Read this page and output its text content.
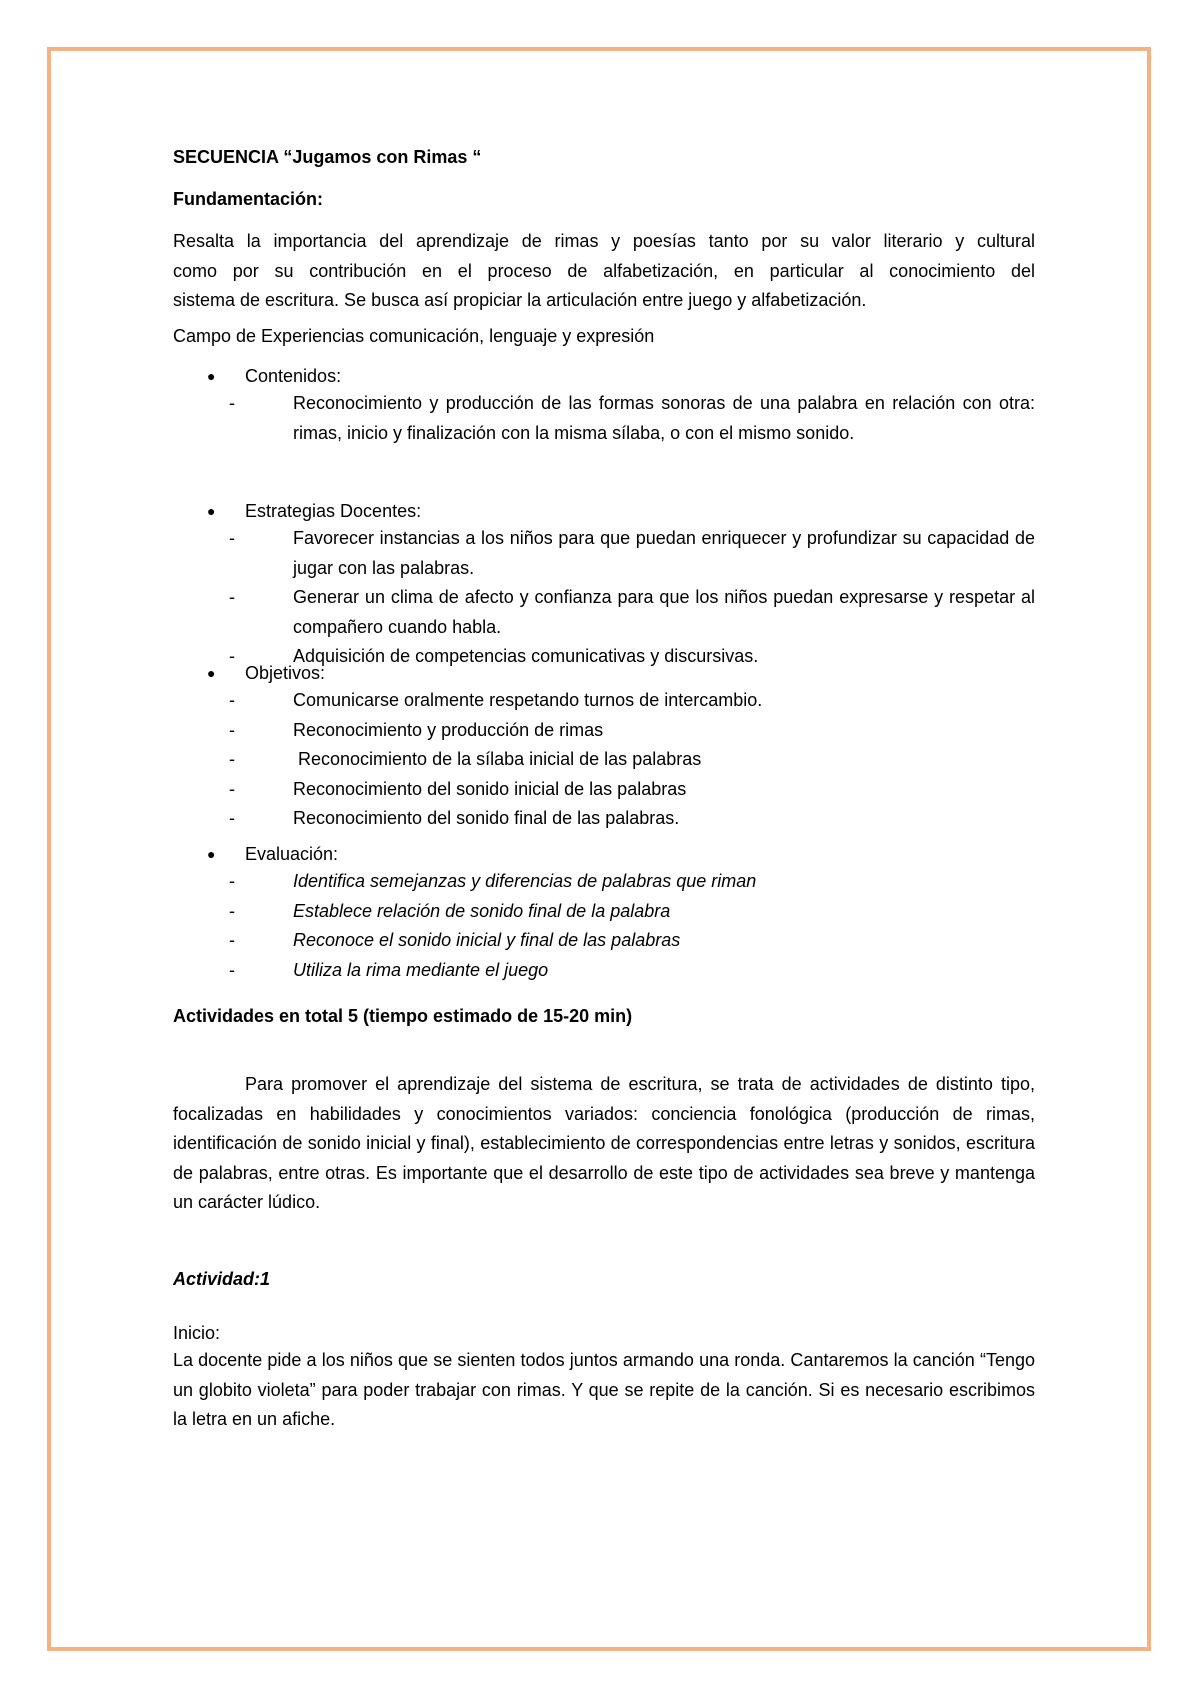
SECUENCIA “Jugamos con Rimas “

Fundamentación:

Resalta la importancia del aprendizaje de rimas y poesías tanto por su valor literario y cultural
como por su contribución en el proceso de alfabetización, en particular al conocimiento del
sistema de escritura. Se busca así propiciar la articulación entre juego y alfabetización.

Campo de Experiencias comunicación, lenguaje y expresión

● Contenidos:
-	Reconocimiento y producción de las formas sonoras de una palabra en relación con otra: rimas, inicio y finalización con la misma sílaba, o con el mismo sonido.
● Estrategias Docentes:
-	Favorecer instancias a los niños para que puedan enriquecer y profundizar su capacidad de jugar con las palabras.
-	Generar un clima de afecto y confianza para que los niños puedan expresarse y respetar al compañero cuando habla.
-	Adquisición de competencias comunicativas y discursivas.
● Objetivos:
-	Comunicarse oralmente respetando turnos de intercambio.
-	Reconocimiento y producción de rimas
-	Reconocimiento de la sílaba inicial de las palabras
-	Reconocimiento del sonido inicial de las palabras
-	Reconocimiento del sonido final de las palabras.
● Evaluación:
-	Identifica semejanzas y diferencias de palabras que riman
-	Establece relación de sonido final de la palabra
-	Reconoce el sonido inicial y final de las palabras
-	Utiliza la rima mediante el juego

Actividades en total 5 (tiempo estimado de 15-20 min)

Para promover el aprendizaje del sistema de escritura, se trata de actividades de distinto tipo, focalizadas en habilidades y conocimientos variados: conciencia fonológica (producción de rimas, identificación de sonido inicial y final), establecimiento de correspondencias entre letras y sonidos, escritura de palabras, entre otras. Es importante que el desarrollo de este tipo de actividades sea breve y mantenga un carácter lúdico.

Actividad:1

Inicio:

La docente pide a los niños que se sienten todos juntos armando una ronda. Cantaremos la canción “Tengo un globito violeta” para poder trabajar con rimas. Y que se repite de la canción. Si es necesario escribimos la letra en un afiche.
